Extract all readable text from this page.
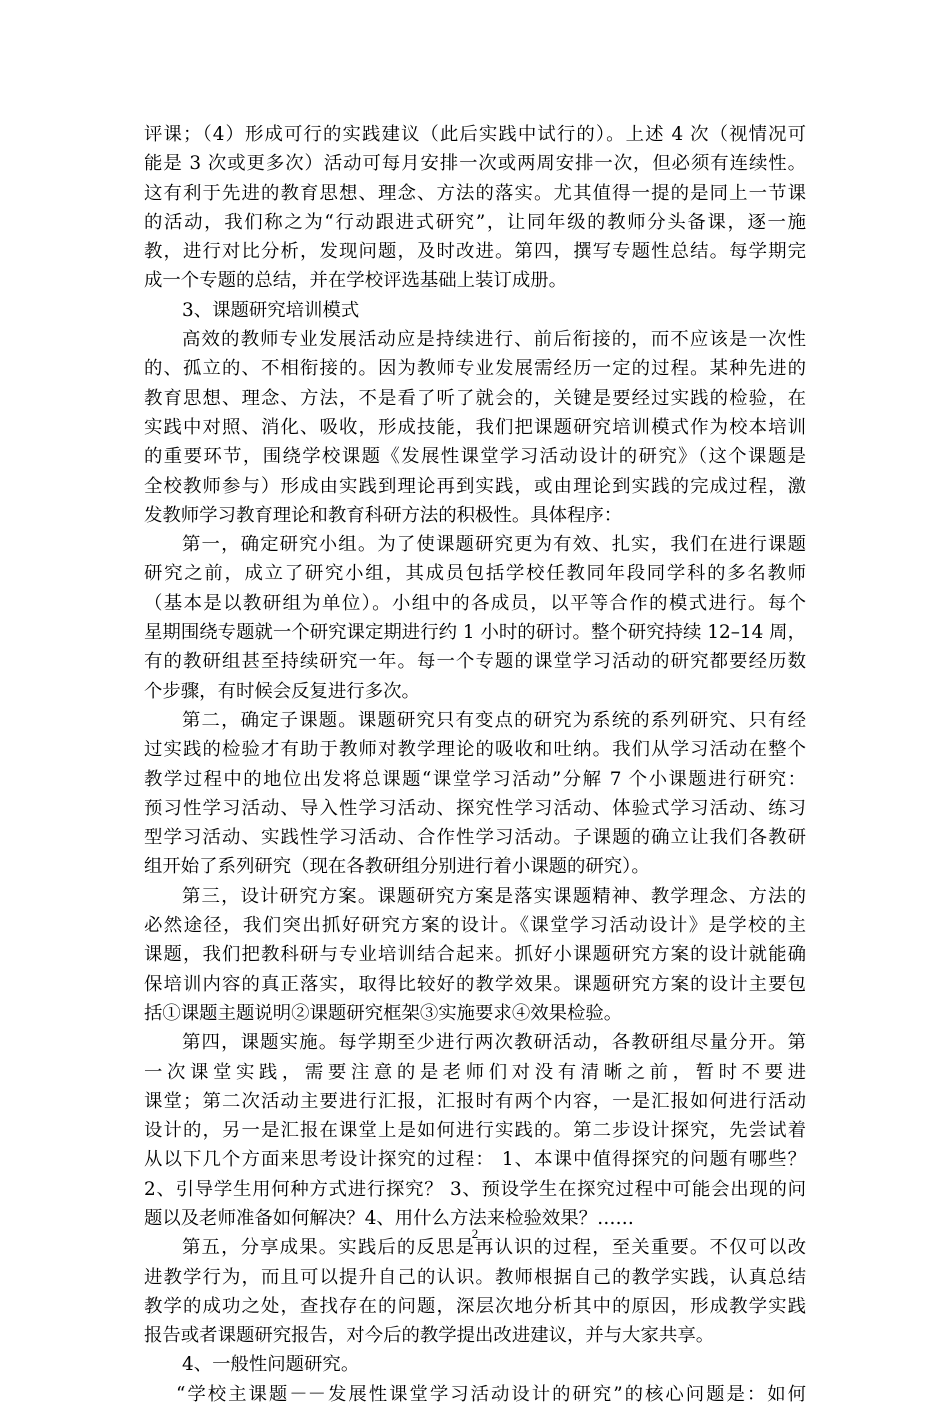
评课；（4）形成可行的实践建议（此后实践中试行的）。上述 4 次（视情况可
能是 3 次或更多次）活动可每月安排一次或两周安排一次，但必须有连续性。
这有利于先进的教育思想、理念、方法的落实。尤其值得一提的是同上一节课
的活动，我们称之为“行动跟进式研究”，让同年级的教师分头备课，逐一施
教，进行对比分析，发现问题，及时改进。第四，撰写专题性总结。每学期完
成一个专题的总结，并在学校评选基础上装订成册。
3、课题研究培训模式
高效的教师专业发展活动应是持续进行、前后衔接的，而不应该是一次性
的、孤立的、不相衔接的。因为教师专业发展需经历一定的过程。某种先进的
教育思想、理念、方法，不是看了听了就会的，关键是要经过实践的检验，在
实践中对照、消化、吸收，形成技能，我们把课题研究培训模式作为校本培训
的重要环节，围绕学校课题《发展性课堂学习活动设计的研究》（这个课题是
全校教师参与）形成由实践到理论再到实践，或由理论到实践的完成过程，激
发教师学习教育理论和教育科研方法的积极性。具体程序：
第一，确定研究小组。为了使课题研究更为有效、扎实，我们在进行课题
研究之前，成立了研究小组，其成员包括学校任教同年段同学科的多名教师
（基本是以教研组为单位）。小组中的各成员，以平等合作的模式进行。每个
星期围绕专题就一个研究课定期进行约 1 小时的研讨。整个研究持续 12–14 周，
有的教研组甚至持续研究一年。每一个专题的课堂学习活动的研究都要经历数
个步骤，有时候会反复进行多次。
第二，确定子课题。课题研究只有变点的研究为系统的系列研究、只有经
过实践的检验才有助于教师对教学理论的吸收和吐纳。我们从学习活动在整个
教学过程中的地位出发将总课题“课堂学习活动”分解 7 个小课题进行研究：
预习性学习活动、导入性学习活动、探究性学习活动、体验式学习活动、练习
型学习活动、实践性学习活动、合作性学习活动。子课题的确立让我们各教研
组开始了系列研究（现在各教研组分别进行着小课题的研究）。
第三，设计研究方案。课题研究方案是落实课题精神、教学理念、方法的
必然途径，我们突出抓好研究方案的设计。《课堂学习活动设计》是学校的主
课题，我们把教科研与专业培训结合起来。抓好小课题研究方案的设计就能确
保培训内容的真正落实，取得比较好的教学效果。课题研究方案的设计主要包
括①课题主题说明②课题研究框架③实施要求④效果检验。
第四，课题实施。每学期至少进行两次教研活动，各教研组尽量分开。第
一次课堂实践，需要注意的是老师们对没有清晰之前，暂时不要进
课堂；第二次活动主要进行汇报，汇报时有两个内容，一是汇报如何进行活动
设计的，另一是汇报在课堂上是如何进行实践的。第二步设计探究，先尝试着
从以下几个方面来思考设计探究的过程： 1、本课中值得探究的问题有哪些？
2、引导学生用何种方式进行探究？ 3、预设学生在探究过程中可能会出现的问
题以及老师准备如何解决？4、用什么方法来检验效果？……
第五，分享成果。实践后的反思是再认识的过程，至关重要。不仅可以改
进教学行为，而且可以提升自己的认识。教师根据自己的教学实践，认真总结
教学的成功之处，查找存在的问题，深层次地分析其中的原因，形成教学实践
报告或者课题研究报告，对今后的教学提出改进建议，并与大家共享。
4、一般性问题研究。
“学校主课题－－发展性课堂学习活动设计的研究”的核心问题是：如何
2
